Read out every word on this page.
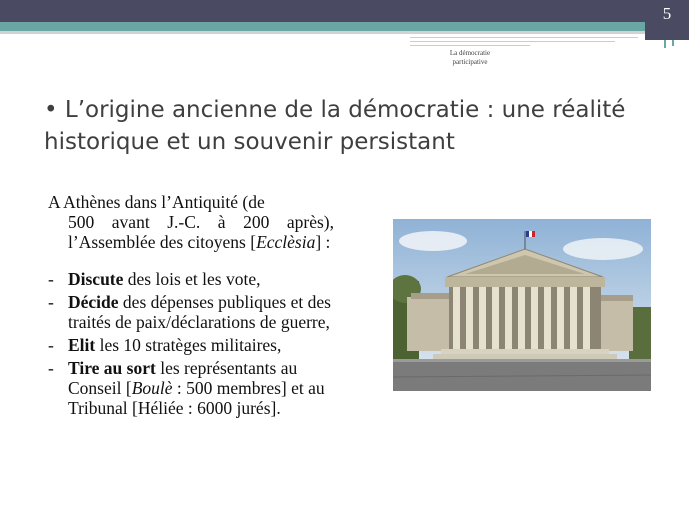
5
La démocratie
participative
• L’origine ancienne de la démocratie : une réalité historique et un souvenir persistant

A Athènes dans l’Antiquité (de
500 avant J.-C. à 200 après), l’Assemblée des citoyens [Ecclèsia] :

- Discute des lois et les vote,
- Décide des dépenses publiques et des traités de paix/déclarations de guerre,
- Elit les 10 stratèges militaires,
- Tire au sort les représentants au Conseil [Boulè : 500 membres] et au Tribunal [Héliée : 6000 jurés].
